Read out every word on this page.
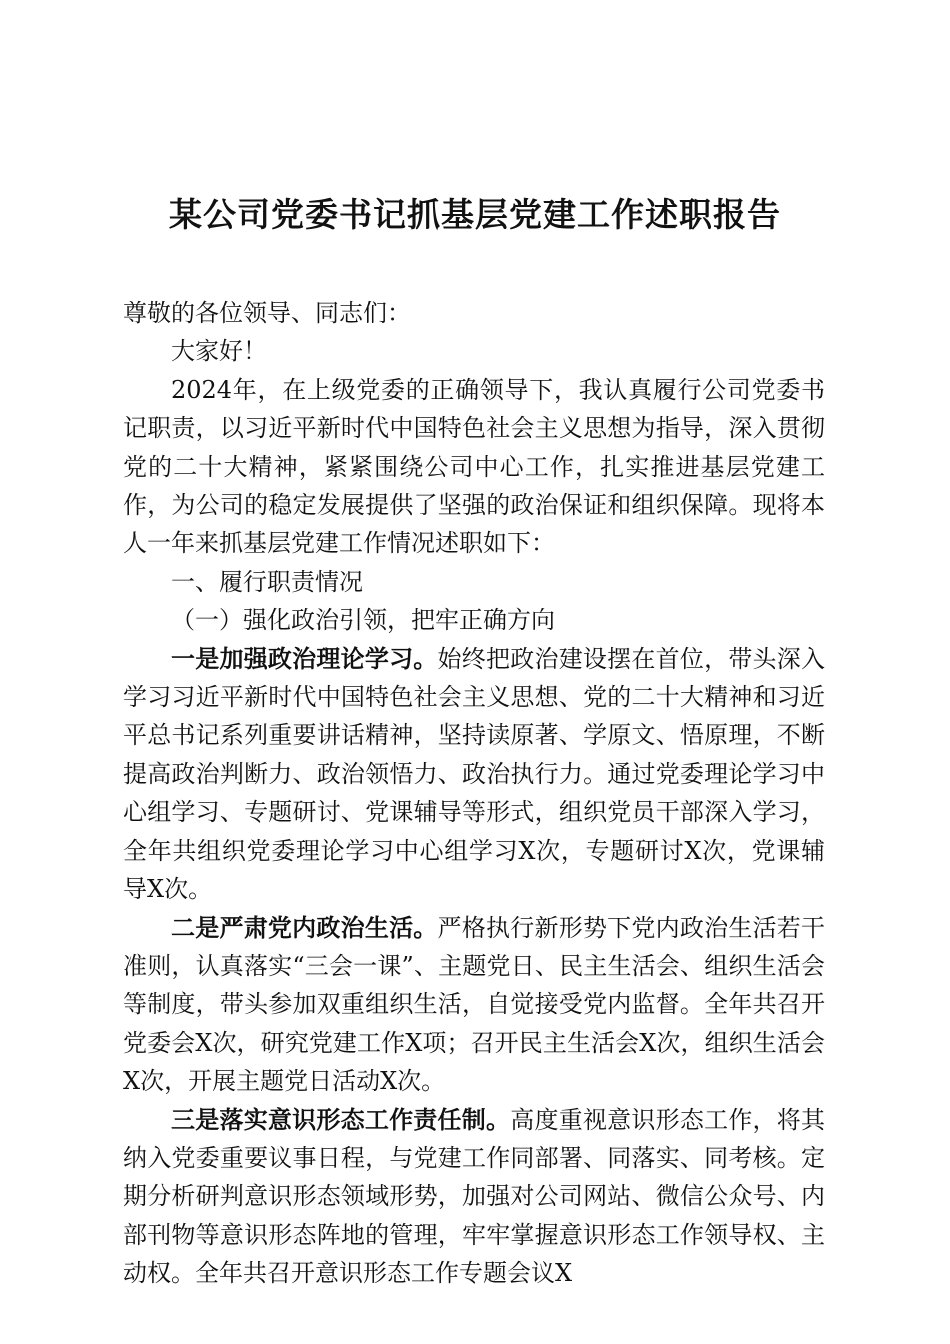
某公司党委书记抓基层党建工作述职报告

尊敬的各位领导、同志们：

大家好！

2024年，在上级党委的正确领导下，我认真履行公司党委书记职责，以习近平新时代中国特色社会主义思想为指导，深入贯彻党的二十大精神，紧紧围绕公司中心工作，扎实推进基层党建工作，为公司的稳定发展提供了坚强的政治保证和组织保障。现将本人一年来抓基层党建工作情况述职如下：

一、履行职责情况

（一）强化政治引领，把牢正确方向

一是加强政治理论学习。始终把政治建设摆在首位，带头深入学习习近平新时代中国特色社会主义思想、党的二十大精神和习近平总书记系列重要讲话精神，坚持读原著、学原文、悟原理，不断提高政治判断力、政治领悟力、政治执行力。通过党委理论学习中心组学习、专题研讨、党课辅导等形式，组织党员干部深入学习，全年共组织党委理论学习中心组学习X次，专题研讨X次，党课辅导X次。

二是严肃党内政治生活。严格执行新形势下党内政治生活若干准则，认真落实“三会一课”、主题党日、民主生活会、组织生活会等制度，带头参加双重组织生活，自觉接受党内监督。全年共召开党委会X次，研究党建工作X项；召开民主生活会X次，组织生活会X次，开展主题党日活动X次。

三是落实意识形态工作责任制。高度重视意识形态工作，将其纳入党委重要议事日程，与党建工作同部署、同落实、同考核。定期分析研判意识形态领域形势，加强对公司网站、微信公众号、内部刊物等意识形态阵地的管理，牢牢掌握意识形态工作领导权、主动权。全年共召开意识形态工作专题会议X
